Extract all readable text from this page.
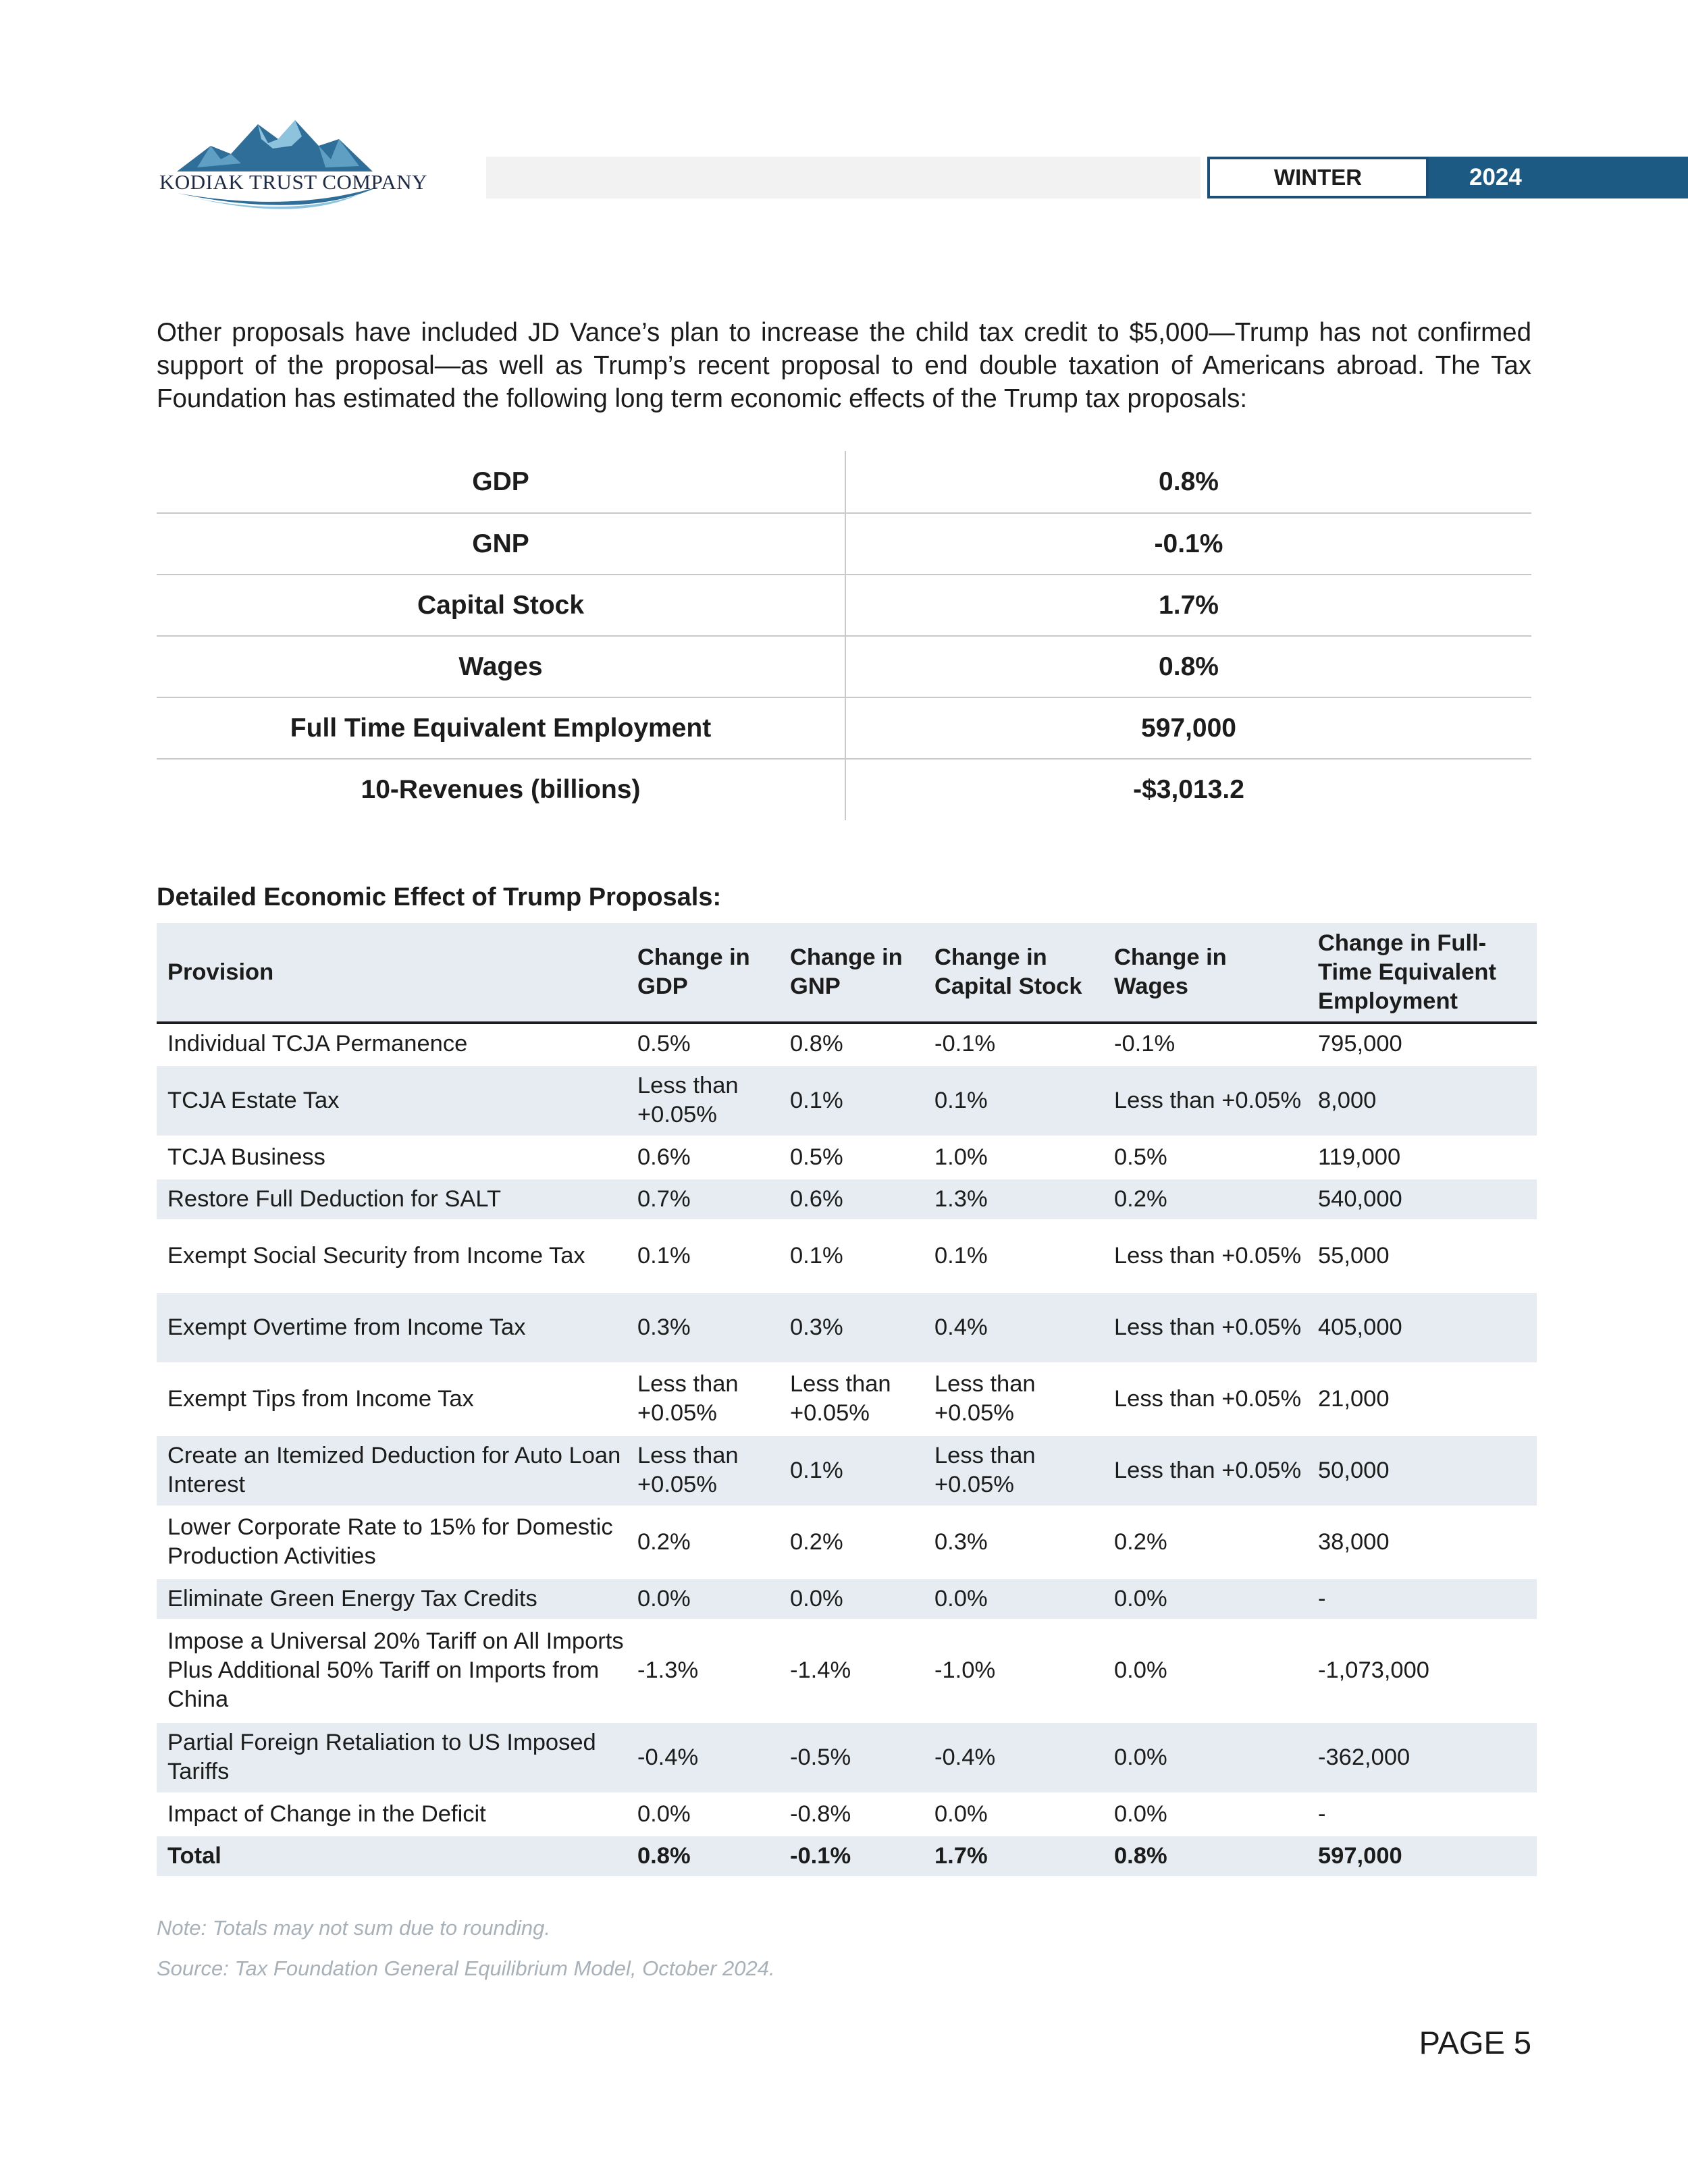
KODIAK TRUST COMPANY	WINTER	2024

Other proposals have included JD Vance’s plan to increase the child tax credit to $5,000—Trump has not confirmed support of the proposal—as well as Trump’s recent proposal to end double taxation of Americans abroad. The Tax Foundation has estimated the following long term economic effects of the Trump tax proposals:

GDP	0.8%
GNP	-0.1%
Capital Stock	1.7%
Wages	0.8%
Full Time Equivalent Employment	597,000
10-Revenues (billions)	-$3,013.2
Detailed Economic Effect of Trump Proposals:
Provision	Change in GDP	Change in GNP	Change in Capital Stock	Change in Wages	Change in Full-Time Equivalent Employment
Individual TCJA Permanence	0.5%	0.8%	-0.1%	-0.1%	795,000
TCJA Estate Tax	Less than +0.05%	0.1%	0.1%	Less than +0.05%	8,000
TCJA Business	0.6%	0.5%	1.0%	0.5%	119,000
Restore Full Deduction for SALT	0.7%	0.6%	1.3%	0.2%	540,000
Exempt Social Security from Income Tax	0.1%	0.1%	0.1%	Less than +0.05%	55,000
Exempt Overtime from Income Tax	0.3%	0.3%	0.4%	Less than +0.05%	405,000
Exempt Tips from Income Tax	Less than +0.05%	Less than +0.05%	Less than +0.05%	Less than +0.05%	21,000
Create an Itemized Deduction for Auto Loan Interest	Less than +0.05%	0.1%	Less than +0.05%	Less than +0.05%	50,000
Lower Corporate Rate to 15% for Domestic Production Activities	0.2%	0.2%	0.3%	0.2%	38,000
Eliminate Green Energy Tax Credits	0.0%	0.0%	0.0%	0.0%	-
Impose a Universal 20% Tariff on All Imports Plus Additional 50% Tariff on Imports from China	-1.3%	-1.4%	-1.0%	0.0%	-1,073,000
Partial Foreign Retaliation to US Imposed Tariffs	-0.4%	-0.5%	-0.4%	0.0%	-362,000
Impact of Change in the Deficit	0.0%	-0.8%	0.0%	0.0%	-
Total	0.8%	-0.1%	1.7%	0.8%	597,000
Note: Totals may not sum due to rounding.
Source: Tax Foundation General Equilibrium Model, October 2024.
PAGE 5
